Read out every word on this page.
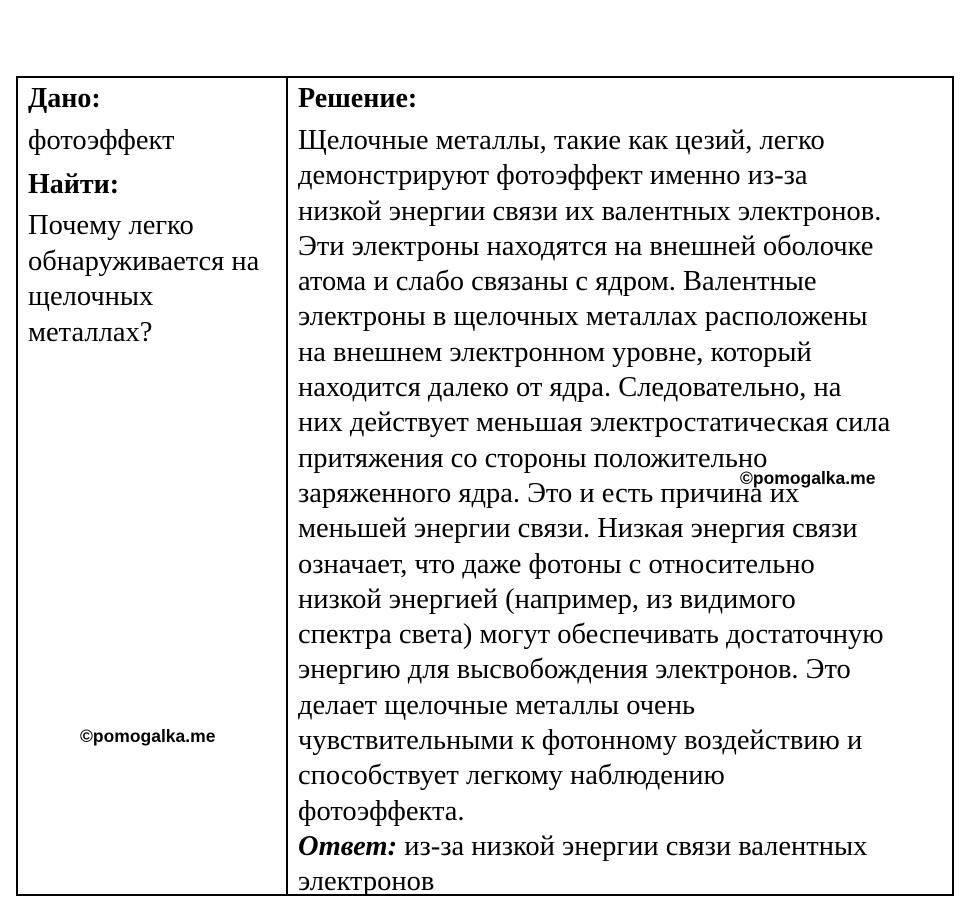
Дано:
фотоэффект
Найти:
Почему легко
обнаруживается на
щелочных
металлах?
©pomogalka.me
Решение:
Щелочные металлы, такие как цезий, легко
демонстрируют фотоэффект именно из-за
низкой энергии связи их валентных электронов.
Эти электроны находятся на внешней оболочке
атома и слабо связаны с ядром. Валентные
электроны в щелочных металлах расположены
на внешнем электронном уровне, который
находится далеко от ядра. Следовательно, на
них действует меньшая электростатическая сила
притяжения со стороны положительно
заряженного ядра. Это и есть причина их
меньшей энергии связи. Низкая энергия связи
означает, что даже фотоны с относительно
низкой энергией (например, из видимого
спектра света) могут обеспечивать достаточную
энергию для высвобождения электронов. Это
делает щелочные металлы очень
чувствительными к фотонному воздействию и
способствует легкому наблюдению
фотоэффекта.
Ответ: из-за низкой энергии связи валентных
электронов
©pomogalka.me
